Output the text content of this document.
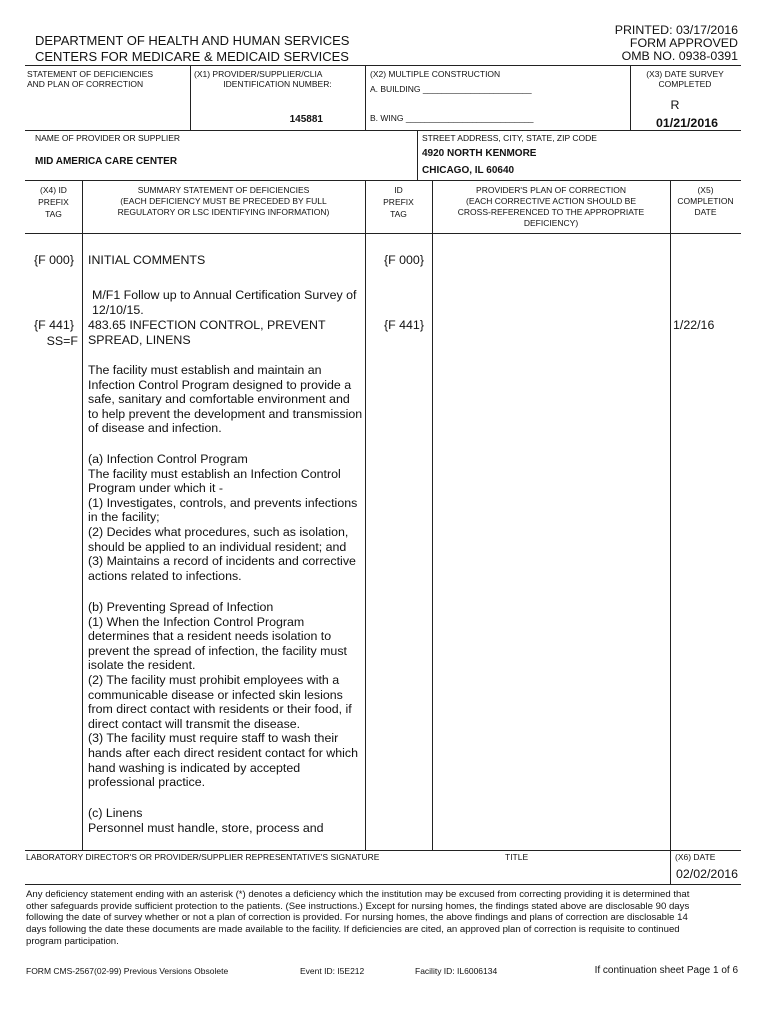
PRINTED: 03/17/2016
FORM APPROVED
OMB NO. 0938-0391
DEPARTMENT OF HEALTH AND HUMAN SERVICES
CENTERS FOR MEDICARE & MEDICAID SERVICES
STATEMENT OF DEFICIENCIES
AND PLAN OF CORRECTION
(X1) PROVIDER/SUPPLIER/CLIA
IDENTIFICATION NUMBER:
145881
(X2) MULTIPLE CONSTRUCTION
A. BUILDING _______________________
B. WING ___________________________
(X3) DATE SURVEY
COMPLETED
R
01/21/2016
NAME OF PROVIDER OR SUPPLIER
MID AMERICA CARE CENTER
STREET ADDRESS, CITY, STATE, ZIP CODE
4920 NORTH KENMORE
CHICAGO, IL 60640
(X4) ID
PREFIX
TAG
SUMMARY STATEMENT OF DEFICIENCIES
(EACH DEFICIENCY MUST BE PRECEDED BY FULL
REGULATORY OR LSC IDENTIFYING INFORMATION)
ID
PREFIX
TAG
PROVIDER'S PLAN OF CORRECTION
(EACH CORRECTIVE ACTION SHOULD BE
CROSS-REFERENCED TO THE APPROPRIATE
DEFICIENCY)
(X5)
COMPLETION
DATE
{F 000} INITIAL COMMENTS	{F 000}
M/F1 Follow up to Annual Certification Survey of
12/10/15.
{F 441}
SS=F
483.65 INFECTION CONTROL, PREVENT
SPREAD, LINENS
{F 441}	1/22/16
The facility must establish and maintain an
Infection Control Program designed to provide a
safe, sanitary and comfortable environment and
to help prevent the development and transmission
of disease and infection.
(a) Infection Control Program
The facility must establish an Infection Control
Program under which it -
(1) Investigates, controls, and prevents infections
in the facility;
(2) Decides what procedures, such as isolation,
should be applied to an individual resident; and
(3) Maintains a record of incidents and corrective
actions related to infections.
(b) Preventing Spread of Infection
(1) When the Infection Control Program
determines that a resident needs isolation to
prevent the spread of infection, the facility must
isolate the resident.
(2) The facility must prohibit employees with a
communicable disease or infected skin lesions
from direct contact with residents or their food, if
direct contact will transmit the disease.
(3) The facility must require staff to wash their
hands after each direct resident contact for which
hand washing is indicated by accepted
professional practice.
(c) Linens
Personnel must handle, store, process and
LABORATORY DIRECTOR'S OR PROVIDER/SUPPLIER REPRESENTATIVE'S SIGNATURE	TITLE	(X6) DATE
02/02/2016
Any deficiency statement ending with an asterisk (*) denotes a deficiency which the institution may be excused from correcting providing it is determined that
other safeguards provide sufficient protection to the patients. (See instructions.) Except for nursing homes, the findings stated above are disclosable 90 days
following the date of survey whether or not a plan of correction is provided. For nursing homes, the above findings and plans of correction are disclosable 14
days following the date these documents are made available to the facility. If deficiencies are cited, an approved plan of correction is requisite to continued
program participation.
FORM CMS-2567(02-99) Previous Versions Obsolete	Event ID: I5E212	Facility ID: IL6006134	If continuation sheet Page 1 of 6
